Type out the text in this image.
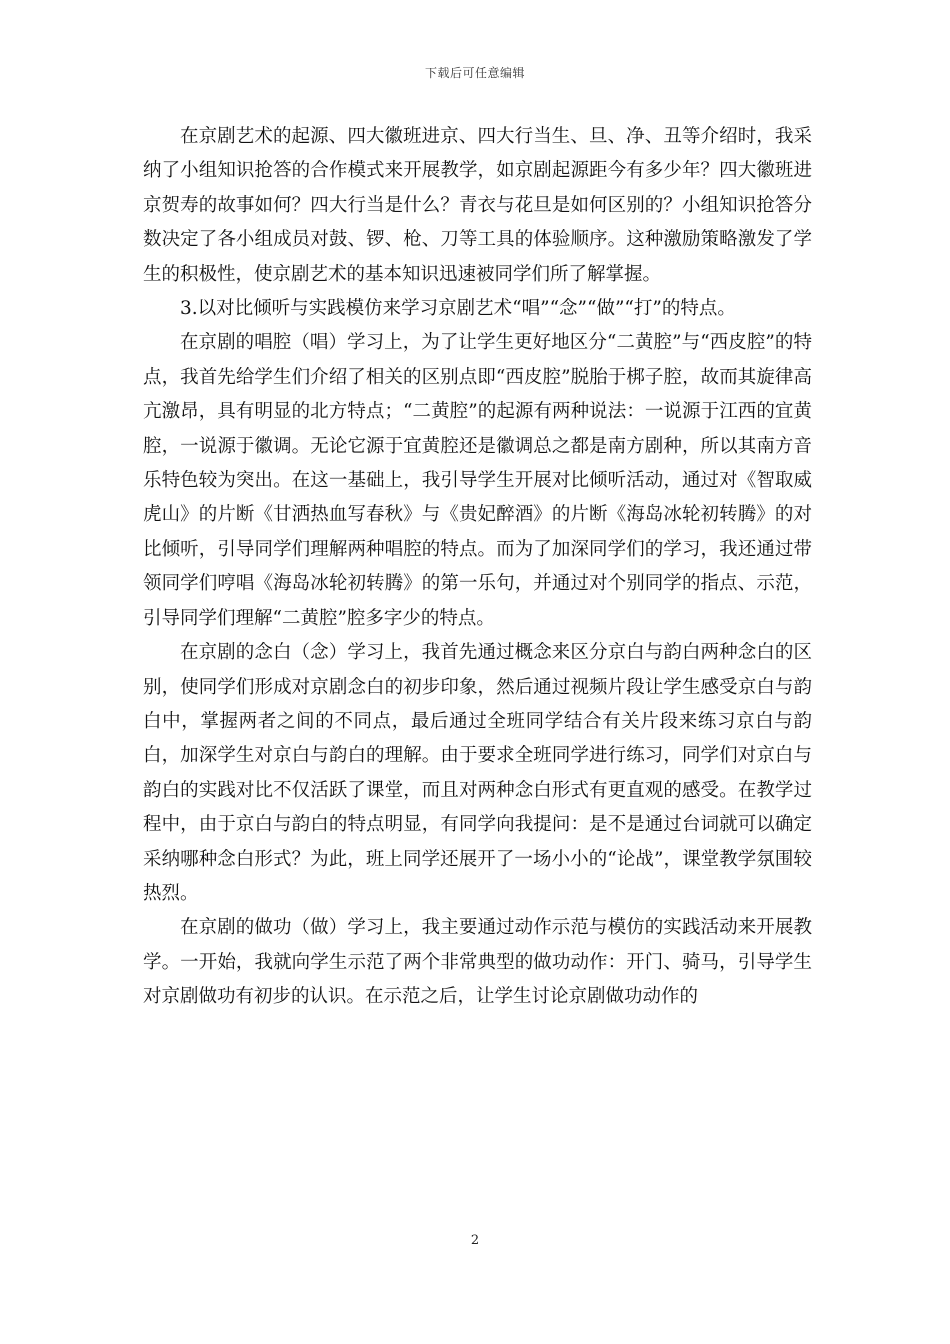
下载后可任意编辑

在京剧艺术的起源、四大徽班进京、四大行当生、旦、净、丑等介绍时，我采纳了小组知识抢答的合作模式来开展教学，如京剧起源距今有多少年？四大徽班进京贺寿的故事如何？四大行当是什么？青衣与花旦是如何区别的？小组知识抢答分数决定了各小组成员对鼓、锣、枪、刀等工具的体验顺序。这种激励策略激发了学生的积极性，使京剧艺术的基本知识迅速被同学们所了解掌握。

3.以对比倾听与实践模仿来学习京剧艺术“唱”“念”“做”“打”的特点。

在京剧的唱腔（唱）学习上，为了让学生更好地区分“二黄腔”与“西皮腔”的特点，我首先给学生们介绍了相关的区别点即“西皮腔”脱胎于梆子腔，故而其旋律高亢激昂，具有明显的北方特点；“二黄腔”的起源有两种说法：一说源于江西的宜黄腔，一说源于徽调。无论它源于宜黄腔还是徽调总之都是南方剧种，所以其南方音乐特色较为突出。在这一基础上，我引导学生开展对比倾听活动，通过对《智取威虎山》的片断《甘洒热血写春秋》与《贵妃醉酒》的片断《海岛冰轮初转腾》的对比倾听，引导同学们理解两种唱腔的特点。而为了加深同学们的学习，我还通过带领同学们哼唱《海岛冰轮初转腾》的第一乐句，并通过对个别同学的指点、示范，引导同学们理解“二黄腔”腔多字少的特点。

在京剧的念白（念）学习上，我首先通过概念来区分京白与韵白两种念白的区别，使同学们形成对京剧念白的初步印象，然后通过视频片段让学生感受京白与韵白中，掌握两者之间的不同点，最后通过全班同学结合有关片段来练习京白与韵白，加深学生对京白与韵白的理解。由于要求全班同学进行练习，同学们对京白与韵白的实践对比不仅活跃了课堂，而且对两种念白形式有更直观的感受。在教学过程中，由于京白与韵白的特点明显，有同学向我提问：是不是通过台词就可以确定采纳哪种念白形式？为此，班上同学还展开了一场小小的“论战”，课堂教学氛围较热烈。

在京剧的做功（做）学习上，我主要通过动作示范与模仿的实践活动来开展教学。一开始，我就向学生示范了两个非常典型的做功动作：开门、骑马，引导学生对京剧做功有初步的认识。在示范之后，让学生讨论京剧做功动作的

2
